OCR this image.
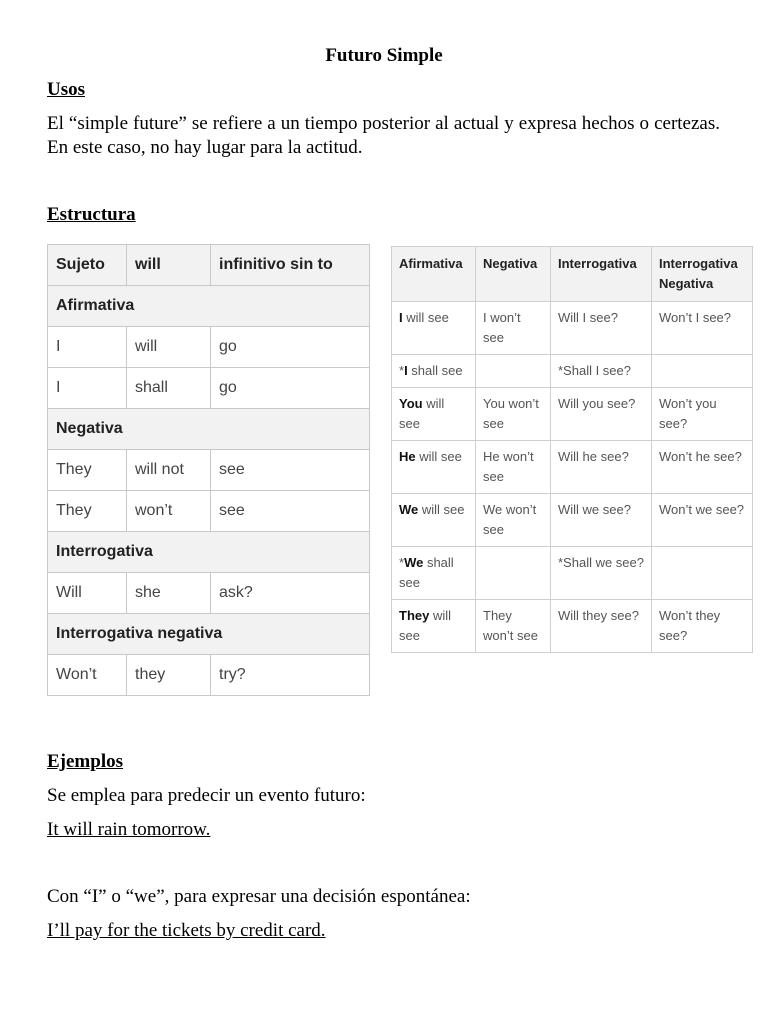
Futuro Simple
Usos
El “simple future” se refiere a un tiempo posterior al actual y expresa hechos o certezas. En este caso, no hay lugar para la actitud.
Estructura
Sujeto	will	infinitivo sin to
Afirmativa		
I	will	go
I	shall	go
Negativa		
They	will not	see
They	won’t	see
Interrogativa		
Will	she	ask?
Interrogativa negativa		
Won’t	they	try?
Afirmativa	Negativa	Interrogativa	Interrogativa Negativa
I will see	I won’t see	Will I see?	Won’t I see?
*I shall see		*Shall I see?	
You will see	You won’t see	Will you see?	Won’t you see?
He will see	He won’t see	Will he see?	Won’t he see?
We will see	We won’t see	Will we see?	Won’t we see?
*We shall see		*Shall we see?	
They will see	They won’t see	Will they see?	Won’t they see?
Ejemplos
Se emplea para predecir un evento futuro:
It will rain tomorrow.
Con “I” o “we”, para expresar una decisión espontánea:
I’ll pay for the tickets by credit card.
